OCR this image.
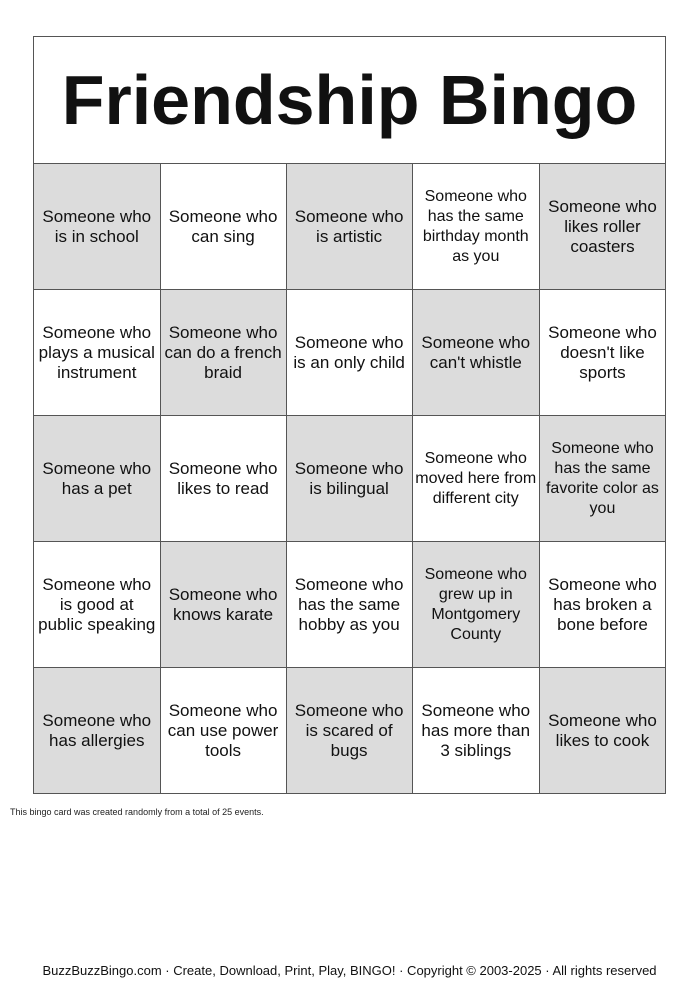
Friendship Bingo				
Someone who is in school	Someone who can sing	Someone who is artistic	Someone who has the same birthday month as you	Someone who likes roller coasters
Someone who plays a musical instrument	Someone who can do a french braid	Someone who is an only child	Someone who can't whistle	Someone who doesn't like sports
Someone who has a pet	Someone who likes to read	Someone who is bilingual	Someone who moved here from different city	Someone who has the same favorite color as you
Someone who is good at public speaking	Someone who knows karate	Someone who has the same hobby as you	Someone who grew up in Montgomery County	Someone who has broken a bone before
Someone who has allergies	Someone who can use power tools	Someone who is scared of bugs	Someone who has more than 3 siblings	Someone who likes to cook
This bingo card was created randomly from a total of 25 events.
BuzzBuzzBingo.com · Create, Download, Print, Play, BINGO! · Copyright © 2003-2025 · All rights reserved
